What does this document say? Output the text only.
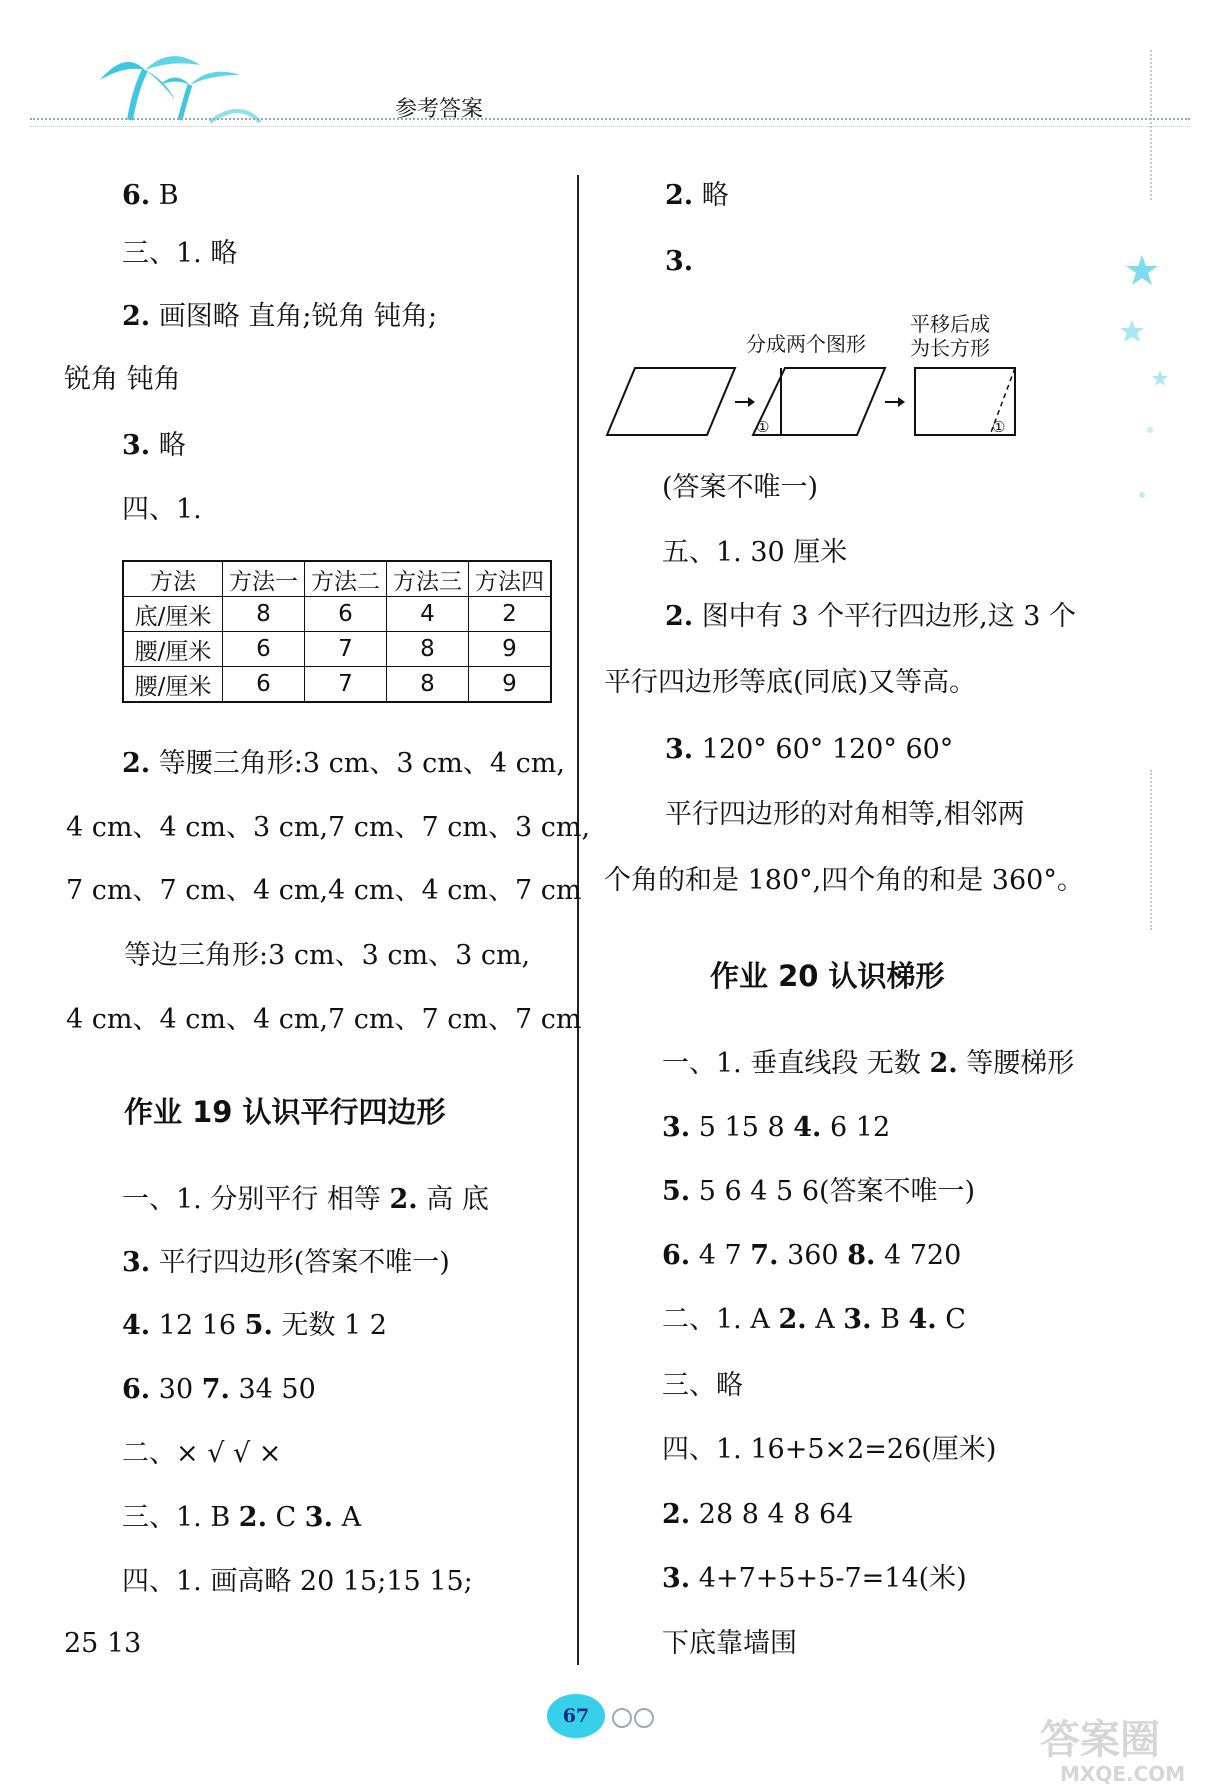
参考答案
6. B
三、1. 略
2. 画图略 直角;锐角 钝角;
锐角 钝角
3. 略
四、1.
方法	方法一	方法二	方法三	方法四
底/厘米	8	6	4	2
腰/厘米	6	7	8	9
腰/厘米	6	7	8	9
2. 等腰三角形:3 cm、3 cm、4 cm,
4 cm、4 cm、3 cm,7 cm、7 cm、3 cm,
7 cm、7 cm、4 cm,4 cm、4 cm、7 cm
等边三角形:3 cm、3 cm、3 cm,
4 cm、4 cm、4 cm,7 cm、7 cm、7 cm
作业 19 认识平行四边形
一、1. 分别平行 相等 2. 高 底
3. 平行四边形(答案不唯一)
4. 12 16 5. 无数 1 2
6. 30 7. 34 50
二、× √ √ ×
三、1. B 2. C 3. A
四、1. 画高略 20 15;15 15;
25 13
2. 略
3.
分成两个图形
平移后成
为长方形
①	①
(答案不唯一)
五、1. 30 厘米
2. 图中有 3 个平行四边形,这 3 个
平行四边形等底(同底)又等高。
3. 120° 60° 120° 60°
平行四边形的对角相等,相邻两
个角的和是 180°,四个角的和是 360°。
作业 20 认识梯形
一、1. 垂直线段 无数 2. 等腰梯形
3. 5 15 8 4. 6 12
5. 5 6 4 5 6(答案不唯一)
6. 4 7 7. 360 8. 4 720
二、1. A 2. A 3. B 4. C
三、略
四、1. 16+5×2=26(厘米)
2. 28 8 4 8 64
3. 4+7+5+5-7=14(米)
下底靠墙围
67
答案圈
MXQE.COM
